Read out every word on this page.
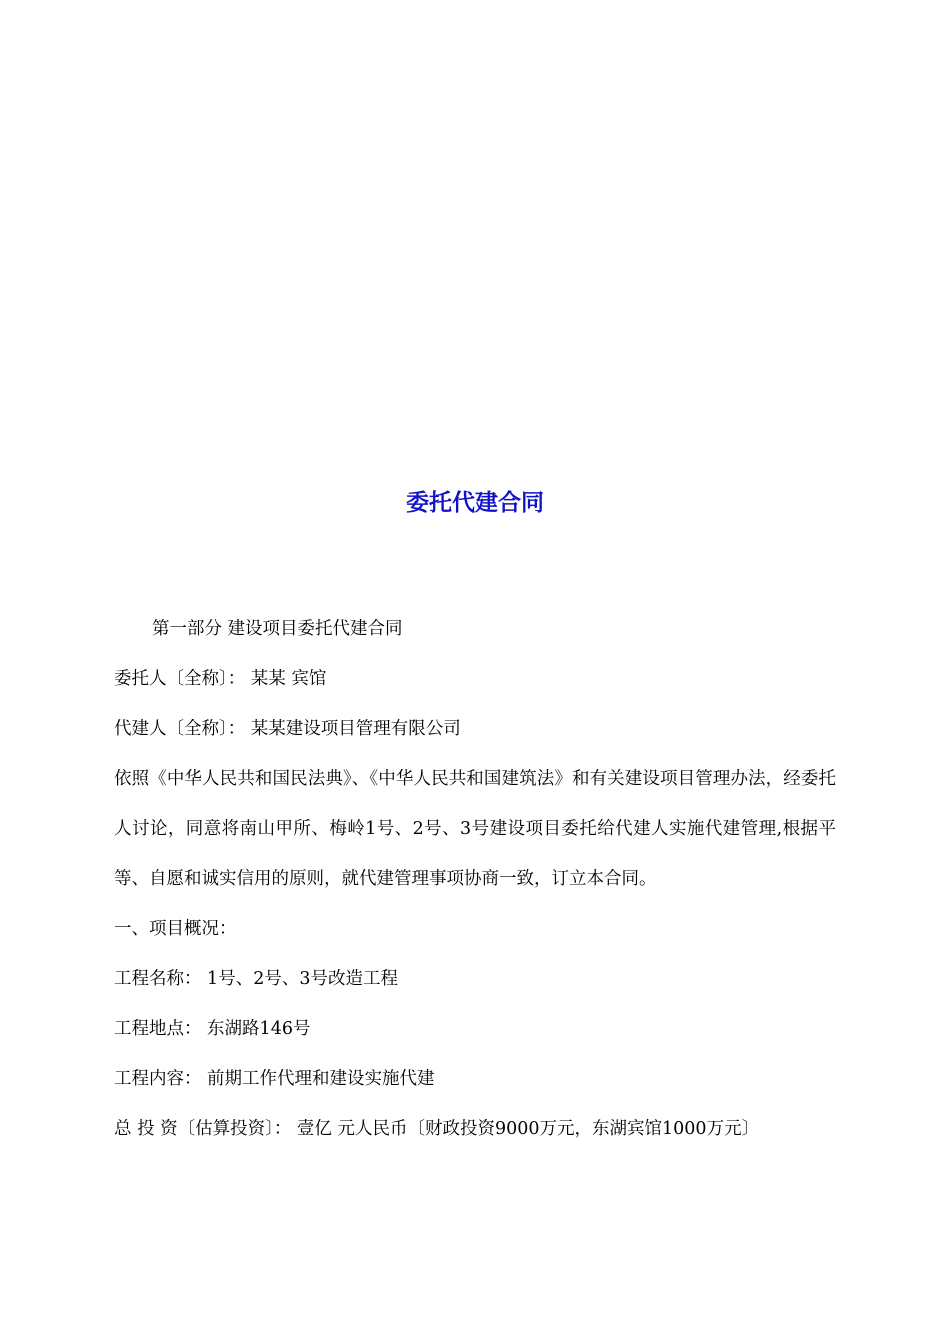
委托代建合同

第一部分 建设项目委托代建合同

委托人〔全称〕： 某某 宾馆

代建人〔全称〕： 某某建设项目管理有限公司

依照《中华人民共和国民法典》、《中华人民共和国建筑法》和有关建设项目管理办法，经委托人讨论，同意将南山甲所、梅岭1号、2号、3号建设项目委托给代建人实施代建管理,根据平等、自愿和诚实信用的原则，就代建管理事项协商一致，订立本合同。

一、项目概况：

工程名称： 1号、2号、3号改造工程

工程地点： 东湖路146号

工程内容： 前期工作代理和建设实施代建

总 投 资〔估算投资〕： 壹亿 元人民币〔财政投资9000万元，东湖宾馆1000万元〕
